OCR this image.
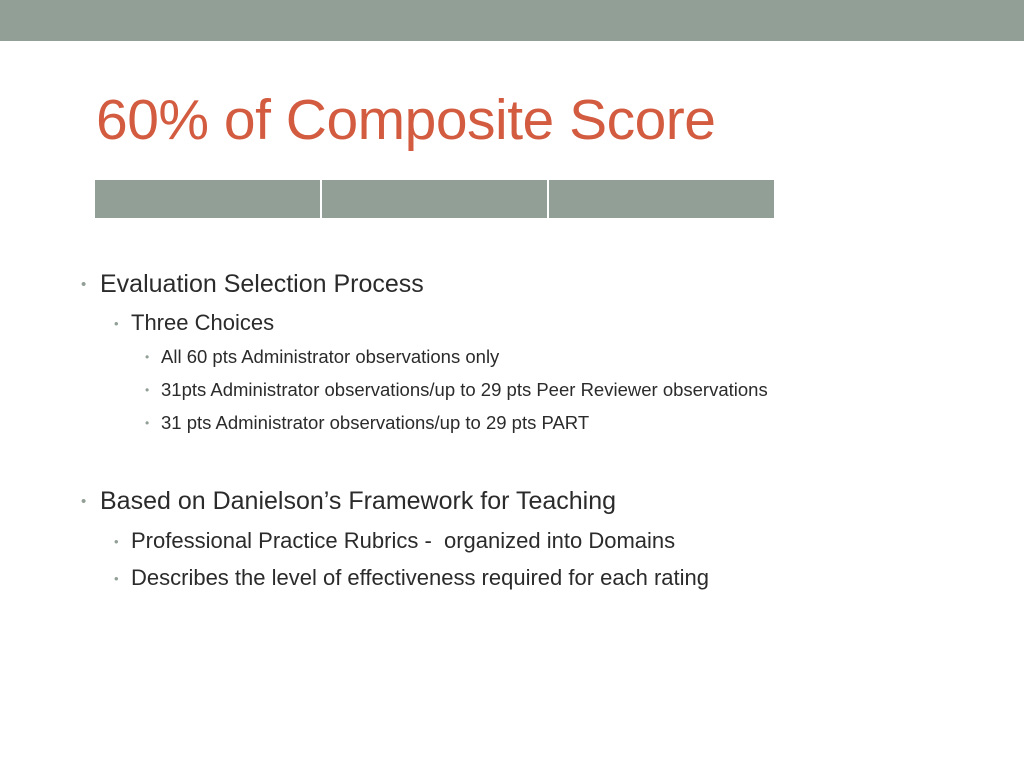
60% of Composite Score
• Evaluation Selection Process
• Three Choices
• All 60 pts Administrator observations only
• 31pts Administrator observations/up to 29 pts Peer Reviewer observations
• 31 pts Administrator observations/up to 29 pts PART
• Based on Danielson’s Framework for Teaching
• Professional Practice Rubrics -  organized into Domains
• Describes the level of effectiveness required for each rating
